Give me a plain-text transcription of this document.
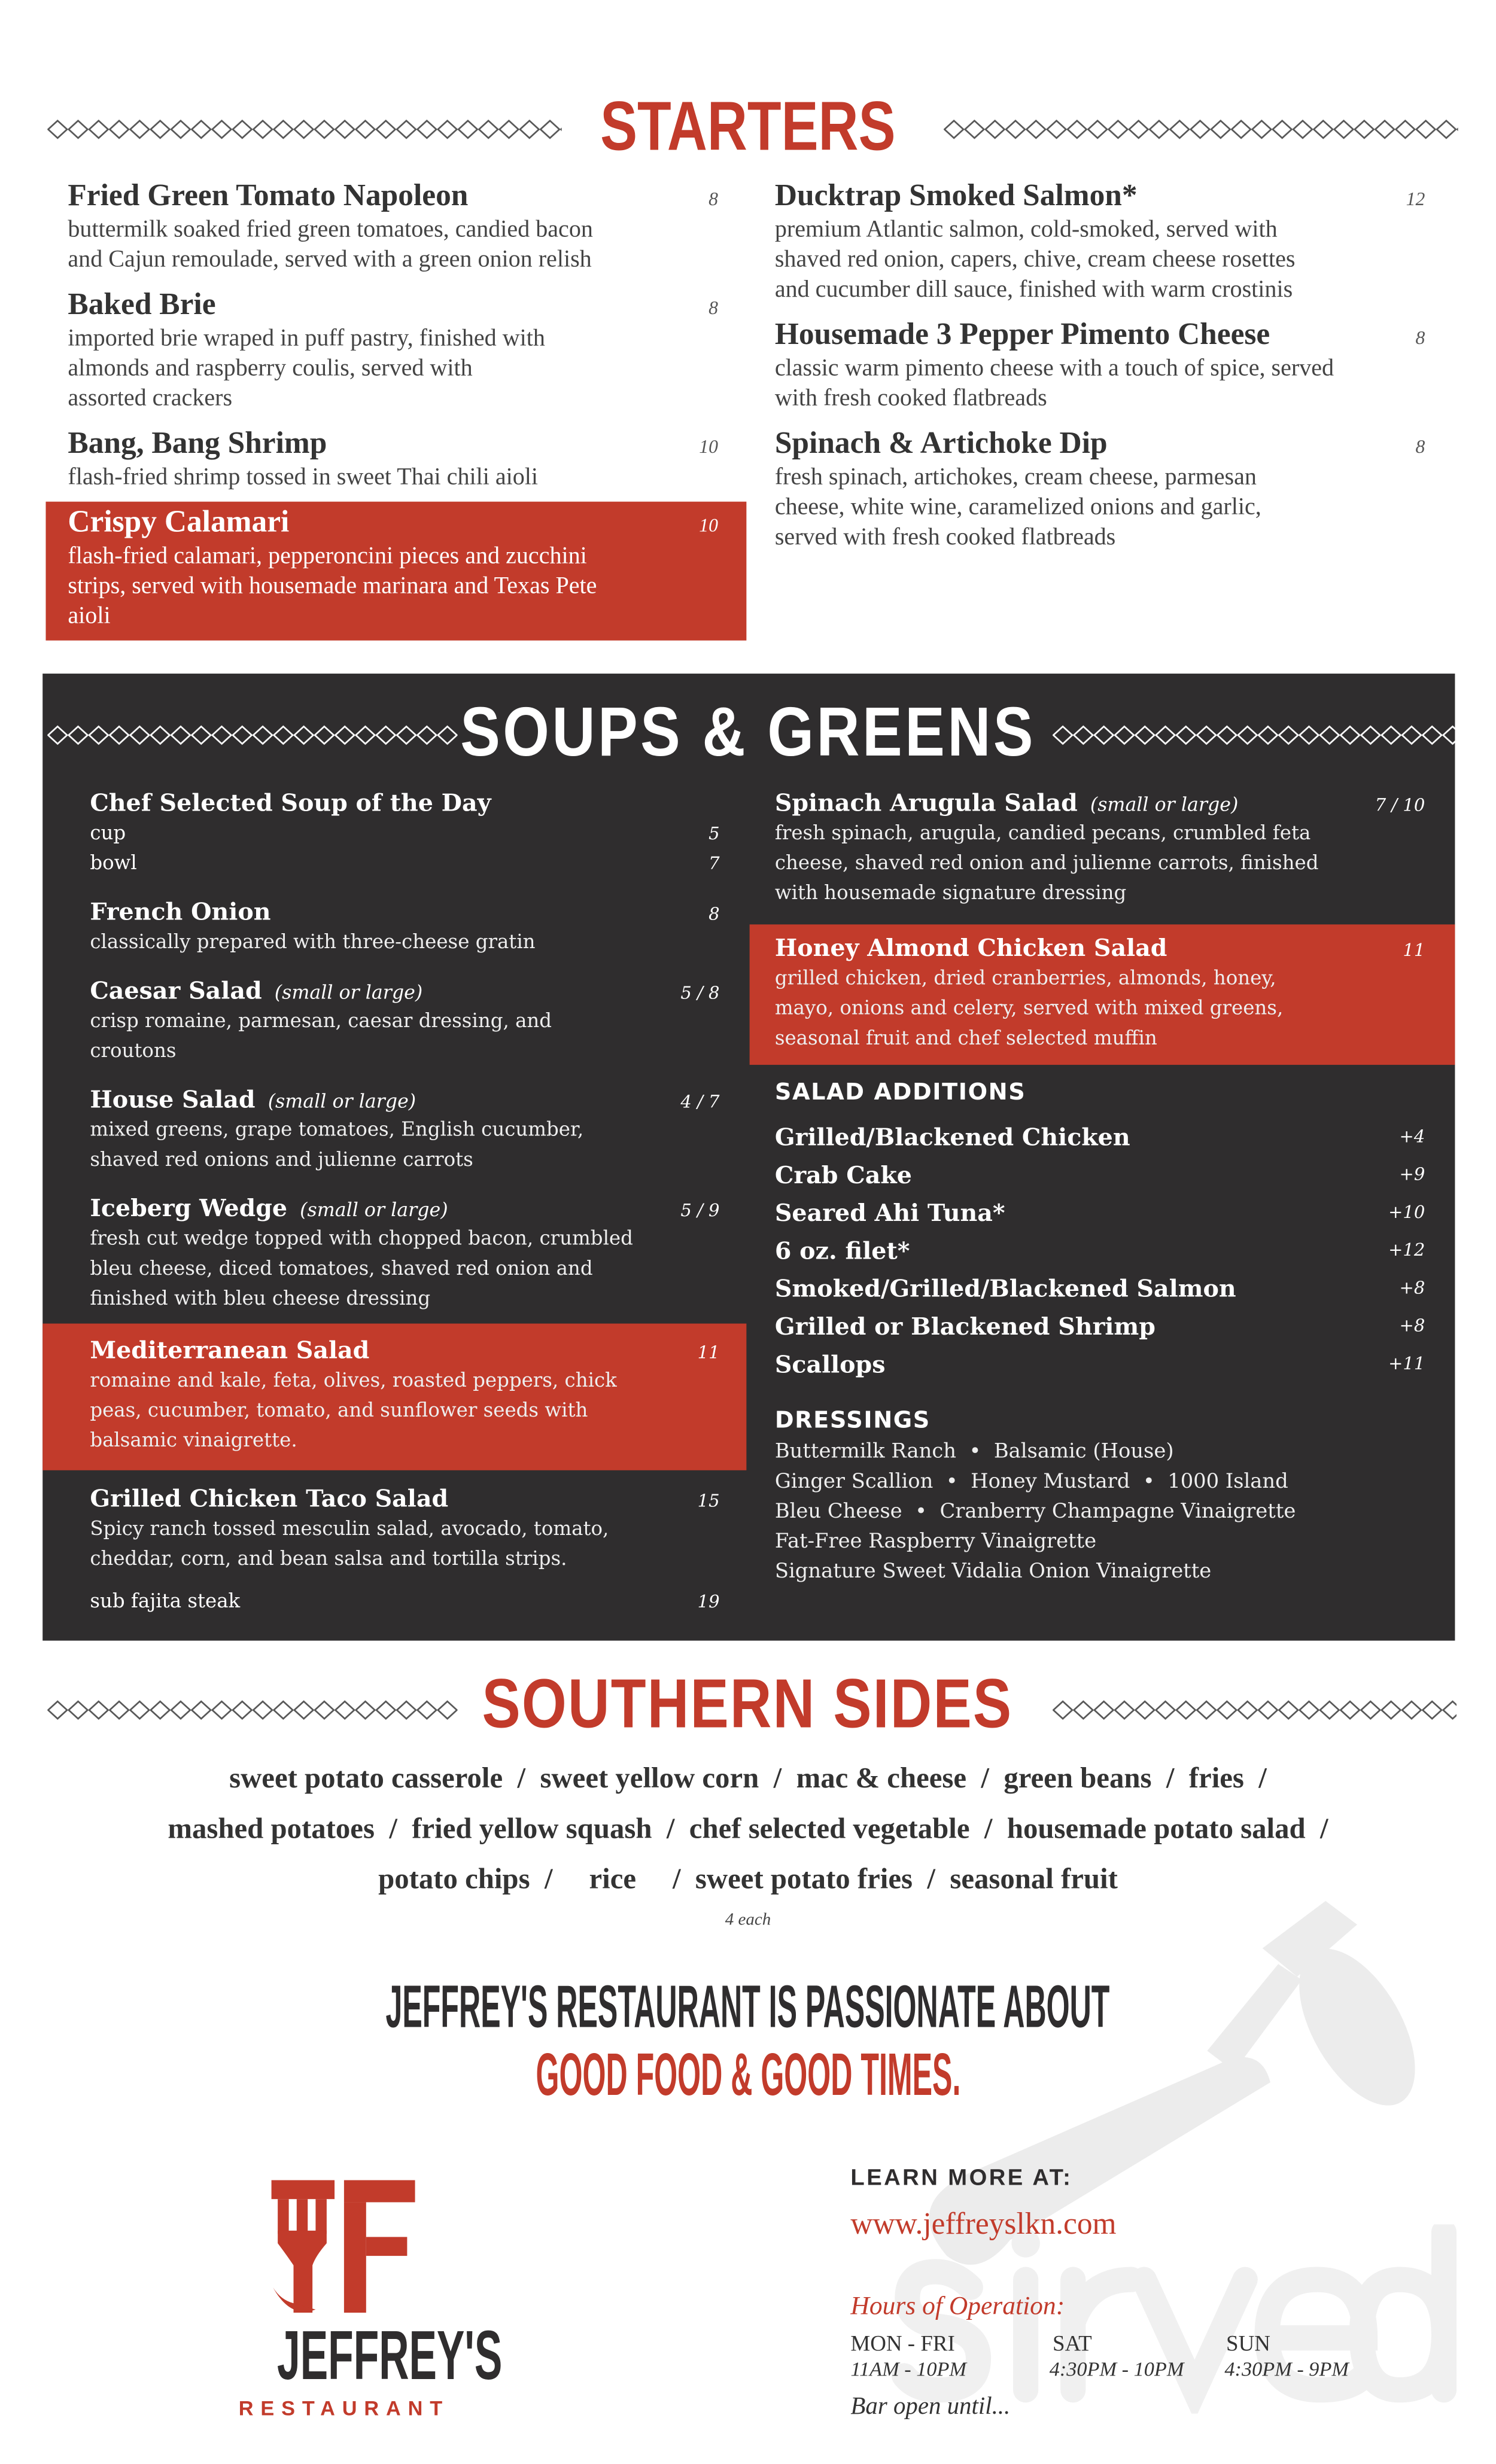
STARTERS
Fried Green Tomato Napoleon	8
buttermilk soaked fried green tomatoes, candied bacon
and Cajun remoulade, served with a green onion relish
Baked Brie	8
imported brie wraped in puff pastry, finished with
almonds and raspberry coulis, served with
assorted crackers
Bang, Bang Shrimp	10
flash-fried shrimp tossed in sweet Thai chili aioli
Crispy Calamari	10
flash-fried calamari, pepperoncini pieces and zucchini
strips, served with housemade marinara and Texas Pete
aioli
Ducktrap Smoked Salmon*	12
premium Atlantic salmon, cold-smoked, served with
shaved red onion, capers, chive, cream cheese rosettes
and cucumber dill sauce, finished with warm crostinis
Housemade 3 Pepper Pimento Cheese	8
classic warm pimento cheese with a touch of spice, served
with fresh cooked flatbreads
Spinach & Artichoke Dip	8
fresh spinach, artichokes, cream cheese, parmesan
cheese, white wine, caramelized onions and garlic,
served with fresh cooked flatbreads
SOUPS & GREENS
Chef Selected Soup of the Day
cup	5
bowl	7
French Onion	8
classically prepared with three-cheese gratin
Caesar Salad (small or large)	5 / 8
crisp romaine, parmesan, caesar dressing, and
croutons
House Salad (small or large)	4 / 7
mixed greens, grape tomatoes, English cucumber,
shaved red onions and julienne carrots
Iceberg Wedge (small or large)	5 / 9
fresh cut wedge topped with chopped bacon, crumbled
bleu cheese, diced tomatoes, shaved red onion and
finished with bleu cheese dressing
Mediterranean Salad	11
romaine and kale, feta, olives, roasted peppers, chick
peas, cucumber, tomato, and sunflower seeds with
balsamic vinaigrette.
Grilled Chicken Taco Salad	15
Spicy ranch tossed mesculin salad, avocado, tomato,
cheddar, corn, and bean salsa and tortilla strips.
sub fajita steak	19
Spinach Arugula Salad (small or large)	7 / 10
fresh spinach, arugula, candied pecans, crumbled feta
cheese, shaved red onion and julienne carrots, finished
with housemade signature dressing
Honey Almond Chicken Salad	11
grilled chicken, dried cranberries, almonds, honey,
mayo, onions and celery, served with mixed greens,
seasonal fruit and chef selected muffin
SALAD ADDITIONS
Grilled/Blackened Chicken	+4
Crab Cake	+9
Seared Ahi Tuna*	+10
6 oz. filet*	+12
Smoked/Grilled/Blackened Salmon	+8
Grilled or Blackened Shrimp	+8
Scallops	+11
DRESSINGS
Buttermilk Ranch  •  Balsamic (House)
Ginger Scallion  •  Honey Mustard  •  1000 Island
Bleu Cheese  •  Cranberry Champagne Vinaigrette
Fat-Free Raspberry Vinaigrette
Signature Sweet Vidalia Onion Vinaigrette
SOUTHERN SIDES
sweet potato casserole  /  sweet yellow corn  /  mac & cheese  /  green beans  /  fries  /
mashed potatoes  /  fried yellow squash  /  chef selected vegetable  /  housemade potato salad  /
potato chips  /     rice     /  sweet potato fries  /  seasonal fruit
4 each
JEFFREY'S RESTAURANT IS PASSIONATE ABOUT
GOOD FOOD & GOOD TIMES.
JEFFREY'S
RESTAURANT
LEARN MORE AT:
www.jeffreyslkn.com
Hours of Operation:
MON - FRI
11AM - 10PM
SAT
4:30PM - 10PM
SUN
4:30PM - 9PM
Bar open until...
